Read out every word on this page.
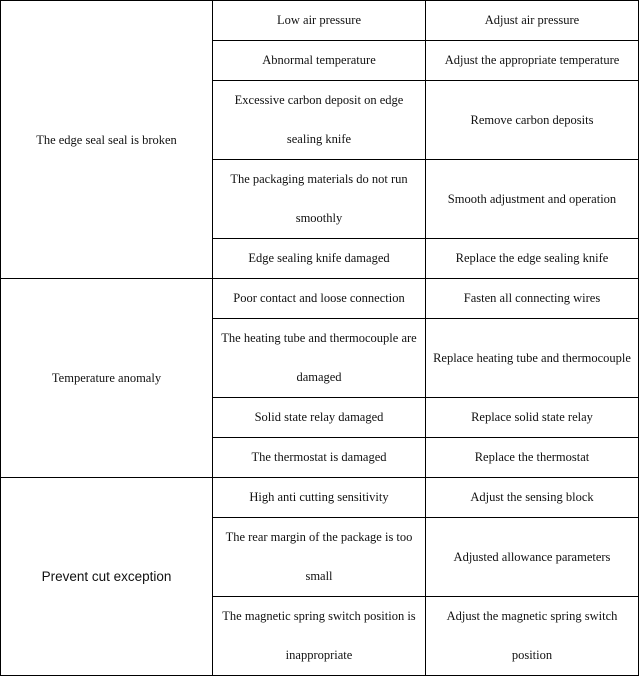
The edge seal seal is broken	Low air pressure	Adjust air pressure
	Abnormal temperature	Adjust the appropriate temperature
	Excessive carbon deposit on edge sealing knife	Remove carbon deposits
	The packaging materials do not run smoothly	Smooth adjustment and operation
	Edge sealing knife damaged	Replace the edge sealing knife
Temperature anomaly	Poor contact and loose connection	Fasten all connecting wires
	The heating tube and thermocouple are damaged	Replace heating tube and thermocouple
	Solid state relay damaged	Replace solid state relay
	The thermostat is damaged	Replace the thermostat
Prevent cut exception	High anti cutting sensitivity	Adjust the sensing block
	The rear margin of the package is too small	Adjusted allowance parameters
	The magnetic spring switch position is inappropriate	Adjust the magnetic spring switch position
